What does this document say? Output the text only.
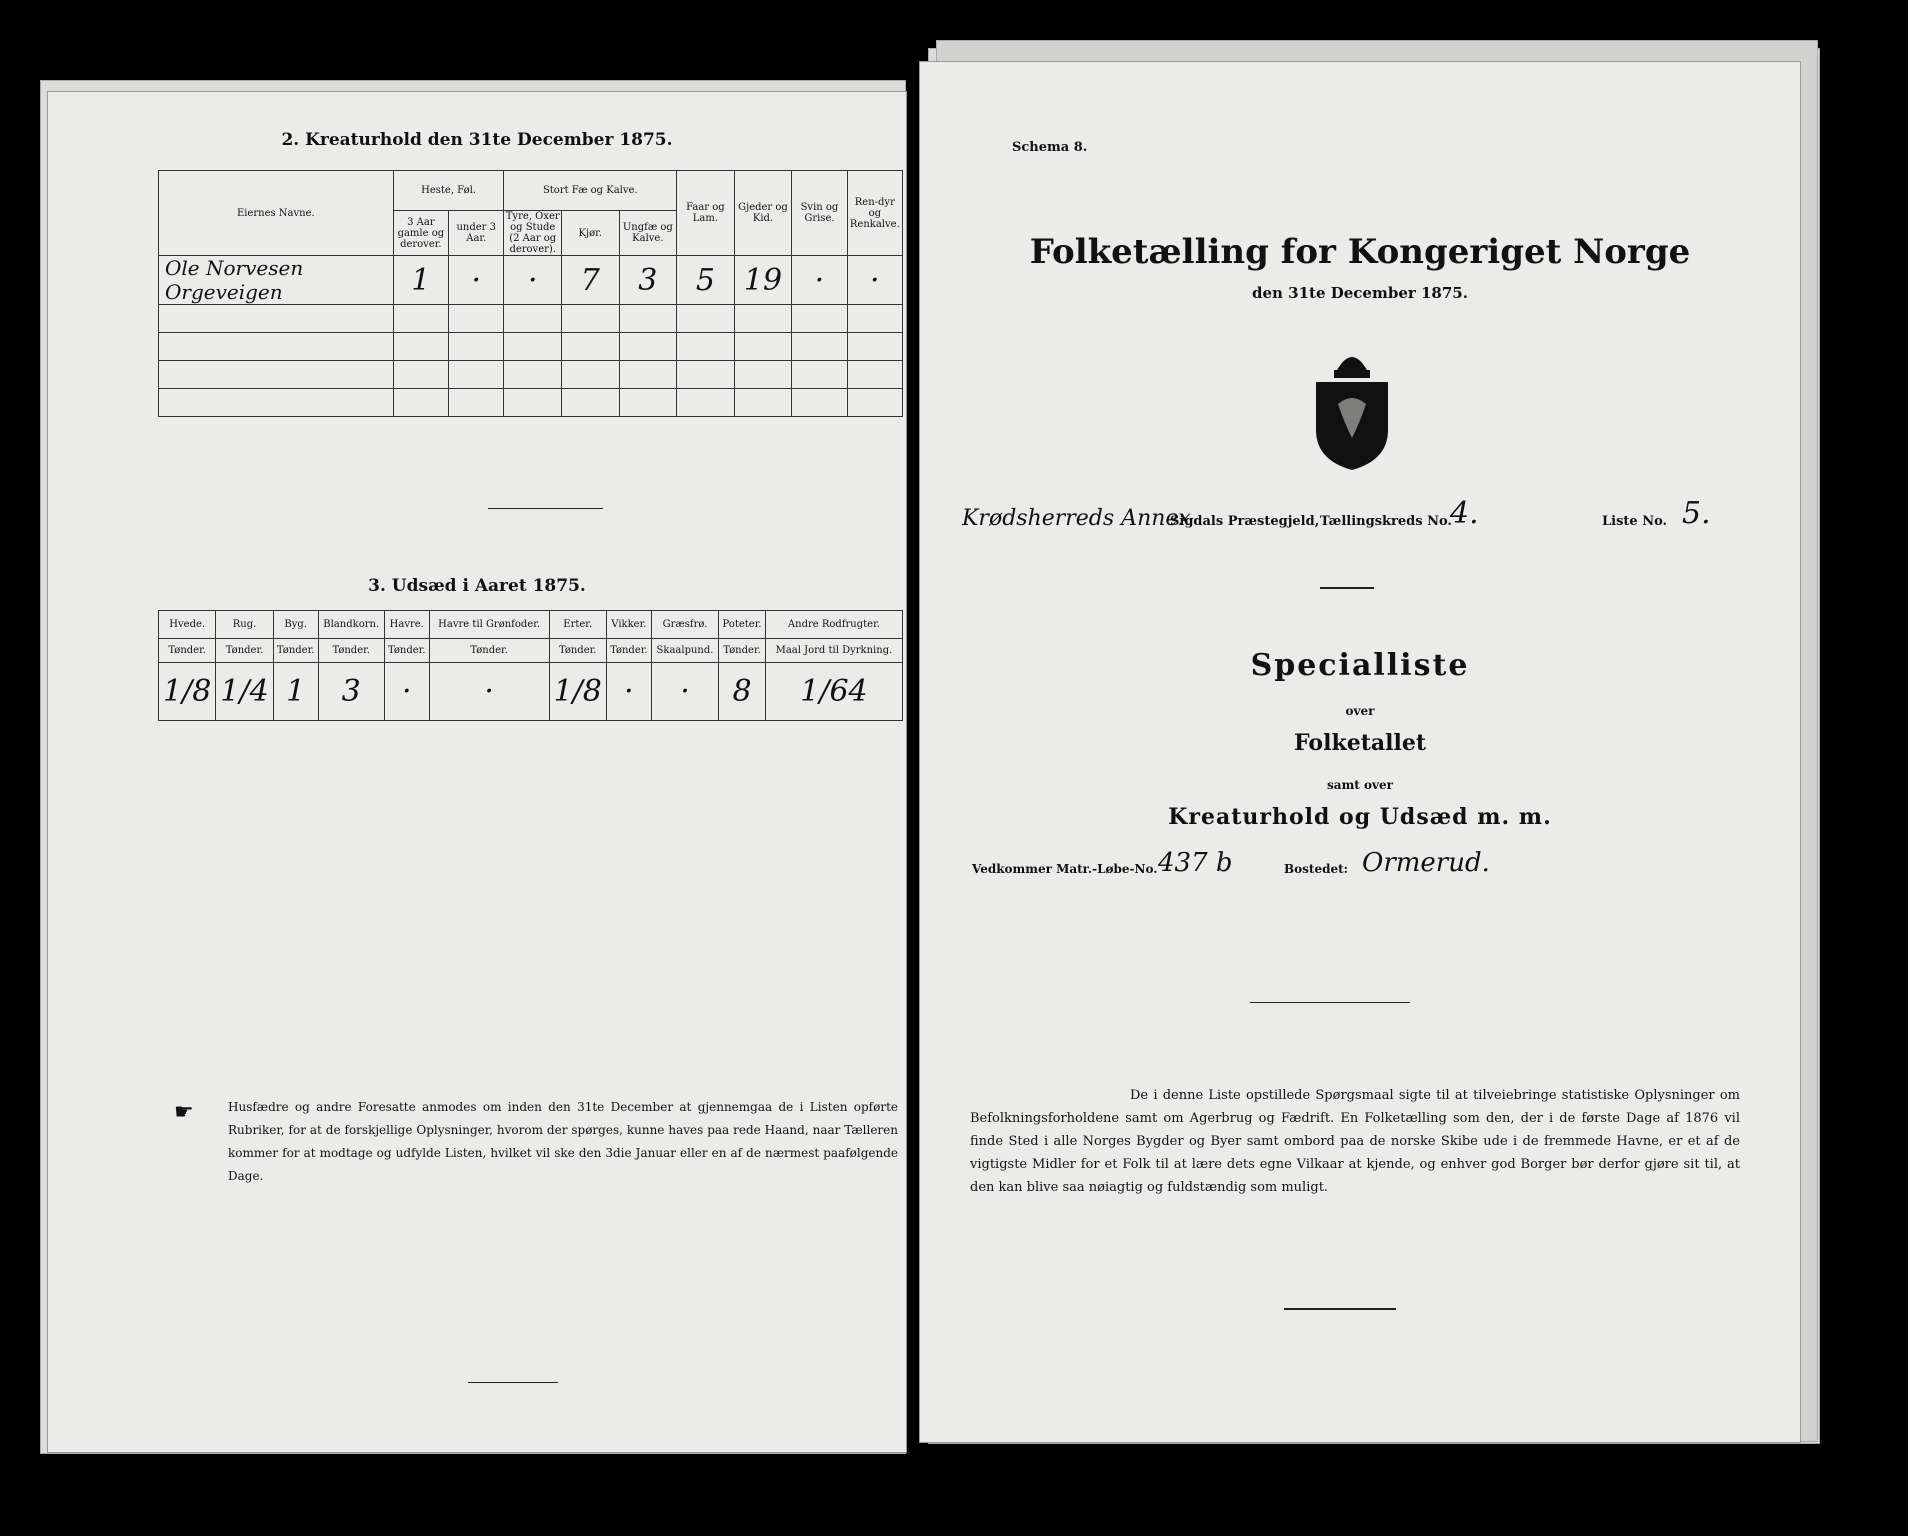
2. Kreaturhold den 31te December 1875.
Eiernes Navne.	Heste, Føl.		Stort Fæ og Kalve.			Faar og Lam.	Gjeder og Kid.	Svin og Grise.	Ren-dyr og Renkalve.
	3 Aar gamle og derover.	under 3 Aar.	Tyre, Oxer og Stude (2 Aar og derover).	Kjør.	Ungfæ og Kalve.				
Ole Norvesen Orgeveigen	1	·	·	7	3	5	19	·	·

3. Udsæd i Aaret 1875.
Hvede.	Rug.	Byg.	Blandkorn.	Havre.	Havre til Grønfoder.	Erter.	Vikker.	Græsfrø.	Poteter.	Andre Rodfrugter.
Tønder.	Tønder.	Tønder.	Tønder.	Tønder.	Tønder.	Tønder.	Tønder.	Skaalpund.	Tønder.	Maal Jord til Dyrkning.
1/8	1/4	1	3	·	·	1/8	·	·	8	1/64
☛	Husfædre og andre Foresatte anmodes om inden den 31te December at gjennemgaa de i Listen opførte Rubriker, for at de forskjellige Oplysninger, hvorom der spørges, kunne haves paa rede Haand, naar Tælleren kommer for at modtage og udfylde Listen, hvilket vil ske den 3die Januar eller en af de nærmest paafølgende Dage.
Schema 8.
Folketælling for Kongeriget Norge
den 31te December 1875.
Krødsherreds Annex
Sigdals Præstegjeld, Tællingskreds No.
4.	Liste No. 5.
Specialliste
over
Folketallet
samt over
Kreaturhold og Udsæd m. m.
Vedkommer Matr.-Løbe-No. 437 b	Bostedet: Ormerud.
De i denne Liste opstillede Spørgsmaal sigte til at tilveiebringe statistiske Oplysninger om Befolkningsforholdene samt om Agerbrug og Fædrift. En Folketælling som den, der i de første Dage af 1876 vil finde Sted i alle Norges Bygder og Byer samt ombord paa de norske Skibe ude i de fremmede Havne, er et af de vigtigste Midler for et Folk til at lære dets egne Vilkaar at kjende, og enhver god Borger bør derfor gjøre sit til, at den kan blive saa nøiagtig og fuldstændig som muligt.
